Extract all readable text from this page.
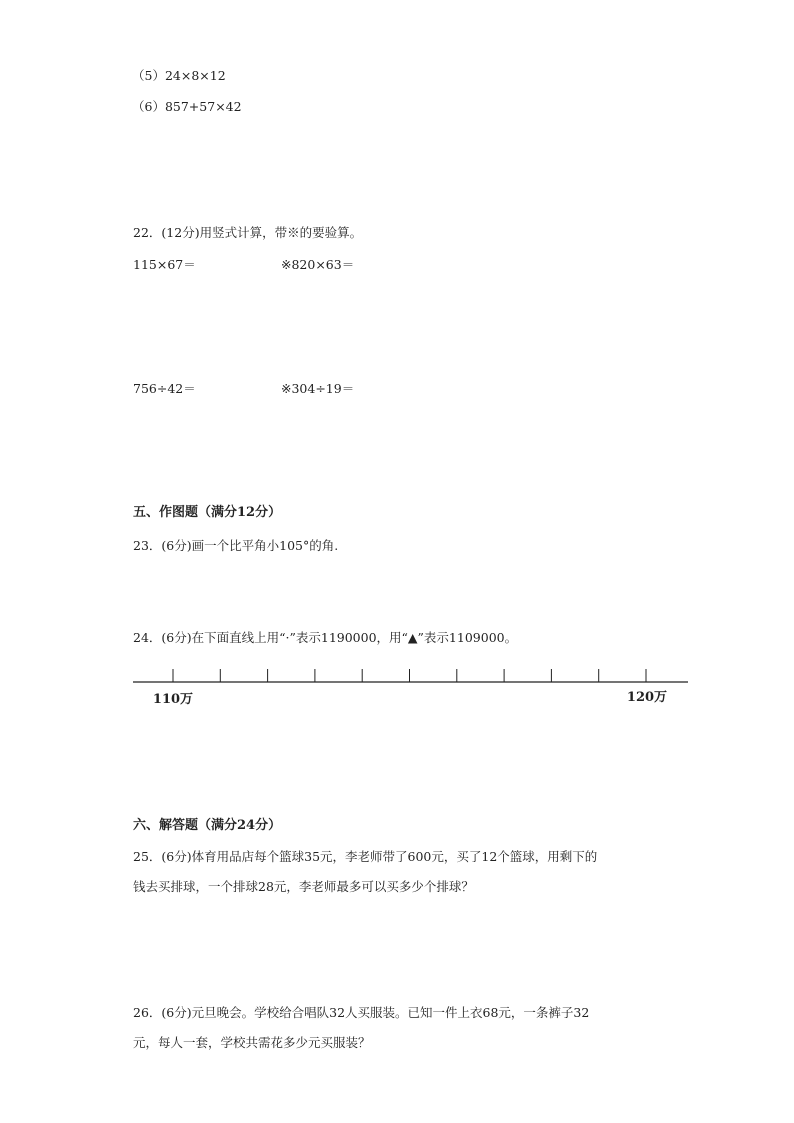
（5）24×8×12
（6）857+57×42
22．(12分)用竖式计算，带※的要验算。
115×67＝	※820×63＝
756÷42＝	※304÷19＝
五、作图题（满分12分）
23．(6分)画一个比平角小105°的角.
24．(6分)在下面直线上用“·”表示1190000，用“▲”表示1109000。
110万	120万
六、解答题（满分24分）
25．(6分)体育用品店每个篮球35元，李老师带了600元，买了12个篮球，用剩下的
钱去买排球，一个排球28元，李老师最多可以买多少个排球？
26．(6分)元旦晚会。学校给合唱队32人买服装。已知一件上衣68元，一条裤子32
元，每人一套，学校共需花多少元买服装？
